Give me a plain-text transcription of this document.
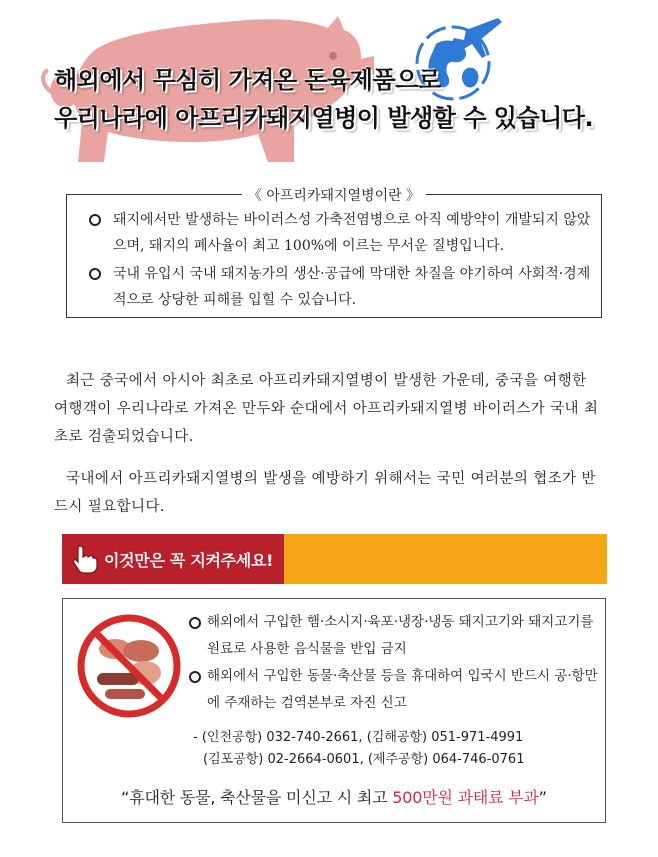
해외에서 무심히 가져온 돈육제품으로
우리나라에 아프리카돼지열병이 발생할 수 있습니다.
《 아프리카돼지열병이란 》
돼지에서만 발생하는 바이러스성 가축전염병으로 아직 예방약이 개발되지 않았으며, 돼지의 폐사율이 최고 100%에 이르는 무서운 질병입니다.
국내 유입시 국내 돼지농가의 생산·공급에 막대한 차질을 야기하여 사회적·경제적으로 상당한 피해를 입힐 수 있습니다.

최근 중국에서 아시아 최초로 아프리카돼지열병이 발생한 가운데, 중국을 여행한 여행객이 우리나라로 가져온 만두와 순대에서 아프리카돼지열병 바이러스가 국내 최초로 검출되었습니다.

국내에서 아프리카돼지열병의 발생을 예방하기 위해서는 국민 여러분의 협조가 반드시 필요합니다.

이것만은 꼭 지켜주세요!
해외에서 구입한 햄·소시지·육포·냉장·냉동 돼지고기와 돼지고기를 원료로 사용한 음식물을 반입 금지
해외에서 구입한 동물·축산물 등을 휴대하여 입국시 반드시 공·항만에 주재하는 검역본부로 자진 신고
- (인천공항) 032-740-2661, (김해공항) 051-971-4991
(김포공항) 02-2664-0601, (제주공항) 064-746-0761
“휴대한 동물, 축산물을 미신고 시 최고 500만원 과태료 부과”
